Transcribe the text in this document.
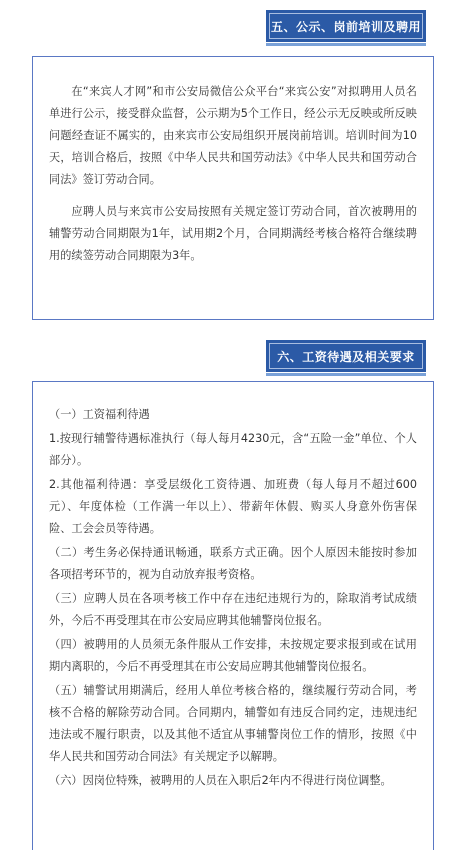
五、公示、岗前培训及聘用

在“来宾人才网”和市公安局微信公众平台“来宾公安”对拟聘用人员名单进行公示，接受群众监督，公示期为5个工作日，经公示无反映或所反映问题经查证不属实的，由来宾市公安局组织开展岗前培训。培训时间为10天，培训合格后，按照《中华人民共和国劳动法》《中华人民共和国劳动合同法》签订劳动合同。

应聘人员与来宾市公安局按照有关规定签订劳动合同，首次被聘用的辅警劳动合同期限为1年，试用期2个月，合同期满经考核合格符合继续聘用的续签劳动合同期限为3年。

六、工资待遇及相关要求

（一）工资福利待遇

1.按现行辅警待遇标准执行（每人每月4230元，含“五险一金”单位、个人部分）。

2.其他福利待遇：享受层级化工资待遇、加班费（每人每月不超过600元）、年度体检（工作满一年以上）、带薪年休假、购买人身意外伤害保险、工会会员等待遇。

（二）考生务必保持通讯畅通，联系方式正确。因个人原因未能按时参加各项招考环节的，视为自动放弃报考资格。

（三）应聘人员在各项考核工作中存在违纪违规行为的，除取消考试成绩外，今后不再受理其在市公安局应聘其他辅警岗位报名。

（四）被聘用的人员须无条件服从工作安排，未按规定要求报到或在试用期内离职的，今后不再受理其在市公安局应聘其他辅警岗位报名。

（五）辅警试用期满后，经用人单位考核合格的，继续履行劳动合同，考核不合格的解除劳动合同。合同期内，辅警如有违反合同约定，违规违纪违法或不履行职责，以及其他不适宜从事辅警岗位工作的情形，按照《中华人民共和国劳动合同法》有关规定予以解聘。

（六）因岗位特殊，被聘用的人员在入职后2年内不得进行岗位调整。
